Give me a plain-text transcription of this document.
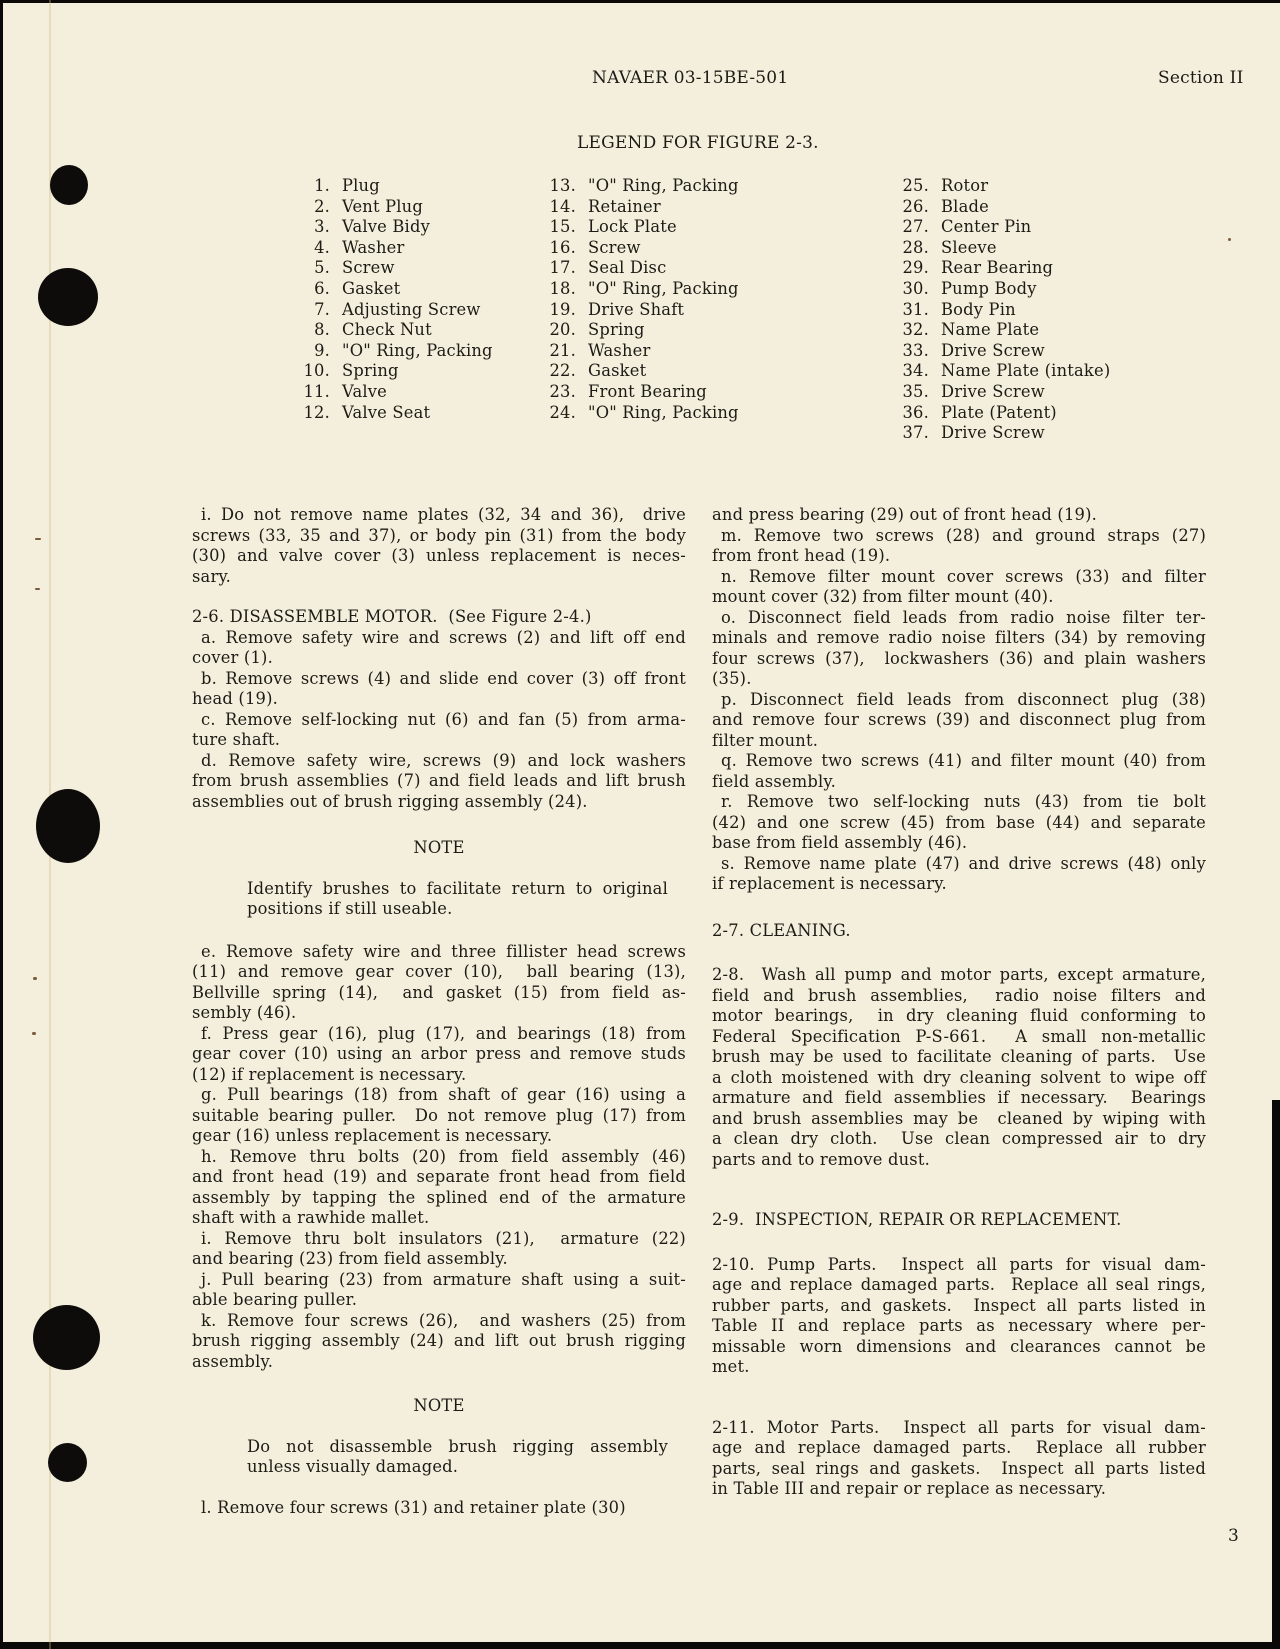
NAVAER 03-15BE-501	Section II
LEGEND FOR FIGURE 2-3.
1. Plug
2. Vent Plug
3. Valve Bidy
4. Washer
5. Screw
6. Gasket
7. Adjusting Screw
8. Check Nut
9. "O" Ring, Packing
10. Spring
11. Valve
12. Valve Seat
13. "O" Ring, Packing
14. Retainer
15. Lock Plate
16. Screw
17. Seal Disc
18. "O" Ring, Packing
19. Drive Shaft
20. Spring
21. Washer
22. Gasket
23. Front Bearing
24. "O" Ring, Packing
25. Rotor
26. Blade
27. Center Pin
28. Sleeve
29. Rear Bearing
30. Pump Body
31. Body Pin
32. Name Plate
33. Drive Screw
34. Name Plate (intake)
35. Drive Screw
36. Plate (Patent)
37. Drive Screw
i. Do not remove name plates (32, 34 and 36),  drive
screws (33, 35 and 37), or body pin (31) from the body
(30) and valve cover (3) unless replacement is neces-
sary.
2-6. DISASSEMBLE MOTOR.  (See Figure 2-4.)
a. Remove safety wire and screws (2) and lift off end
cover (1).
b. Remove screws (4) and slide end cover (3) off front
head (19).
c. Remove self-locking nut (6) and fan (5) from arma-
ture shaft.
d. Remove safety wire, screws (9) and lock washers
from brush assemblies (7) and field leads and lift brush
assemblies out of brush rigging assembly (24).
NOTE
Identify brushes to facilitate return to original
positions if still useable.
e. Remove safety wire and three fillister head screws
(11) and remove gear cover (10),  ball bearing (13),
Bellville spring (14),  and gasket (15) from field as-
sembly (46).
f. Press gear (16), plug (17), and bearings (18) from
gear cover (10) using an arbor press and remove studs
(12) if replacement is necessary.
g. Pull bearings (18) from shaft of gear (16) using a
suitable bearing puller.  Do not remove plug (17) from
gear (16) unless replacement is necessary.
h. Remove thru bolts (20) from field assembly (46)
and front head (19) and separate front head from field
assembly by tapping the splined end of the armature
shaft with a rawhide mallet.
i. Remove thru bolt insulators (21),  armature (22)
and bearing (23) from field assembly.
j. Pull bearing (23) from armature shaft using a suit-
able bearing puller.
k. Remove four screws (26),  and washers (25) from
brush rigging assembly (24) and lift out brush rigging
assembly.
NOTE
Do not disassemble brush rigging assembly
unless visually damaged.
l. Remove four screws (31) and retainer plate (30)
and press bearing (29) out of front head (19).
m. Remove two screws (28) and ground straps (27)
from front head (19).
n. Remove filter mount cover screws (33) and filter
mount cover (32) from filter mount (40).
o. Disconnect field leads from radio noise filter ter-
minals and remove radio noise filters (34) by removing
four screws (37),  lockwashers (36) and plain washers
(35).
p. Disconnect field leads from disconnect plug (38)
and remove four screws (39) and disconnect plug from
filter mount.
q. Remove two screws (41) and filter mount (40) from
field assembly.
r. Remove two self-locking nuts (43) from tie bolt
(42) and one screw (45) from base (44) and separate
base from field assembly (46).
s. Remove name plate (47) and drive screws (48) only
if replacement is necessary.
2-7. CLEANING.
2-8.  Wash all pump and motor parts, except armature,
field and brush assemblies,  radio noise filters and
motor bearings,  in dry cleaning fluid conforming to
Federal Specification P-S-661.  A small non-metallic
brush may be used to facilitate cleaning of parts.  Use
a cloth moistened with dry cleaning solvent to wipe off
armature and field assemblies if necessary.  Bearings
and brush assemblies may be  cleaned by wiping with
a clean dry cloth.  Use clean compressed air to dry
parts and to remove dust.
2-9.  INSPECTION, REPAIR OR REPLACEMENT.
2-10. Pump Parts.  Inspect all parts for visual dam-
age and replace damaged parts.  Replace all seal rings,
rubber parts, and gaskets.  Inspect all parts listed in
Table II and replace parts as necessary where per-
missable worn dimensions and clearances cannot be
met.
2-11. Motor Parts.  Inspect all parts for visual dam-
age and replace damaged parts.  Replace all rubber
parts, seal rings and gaskets.  Inspect all parts listed
in Table III and repair or replace as necessary.
3
